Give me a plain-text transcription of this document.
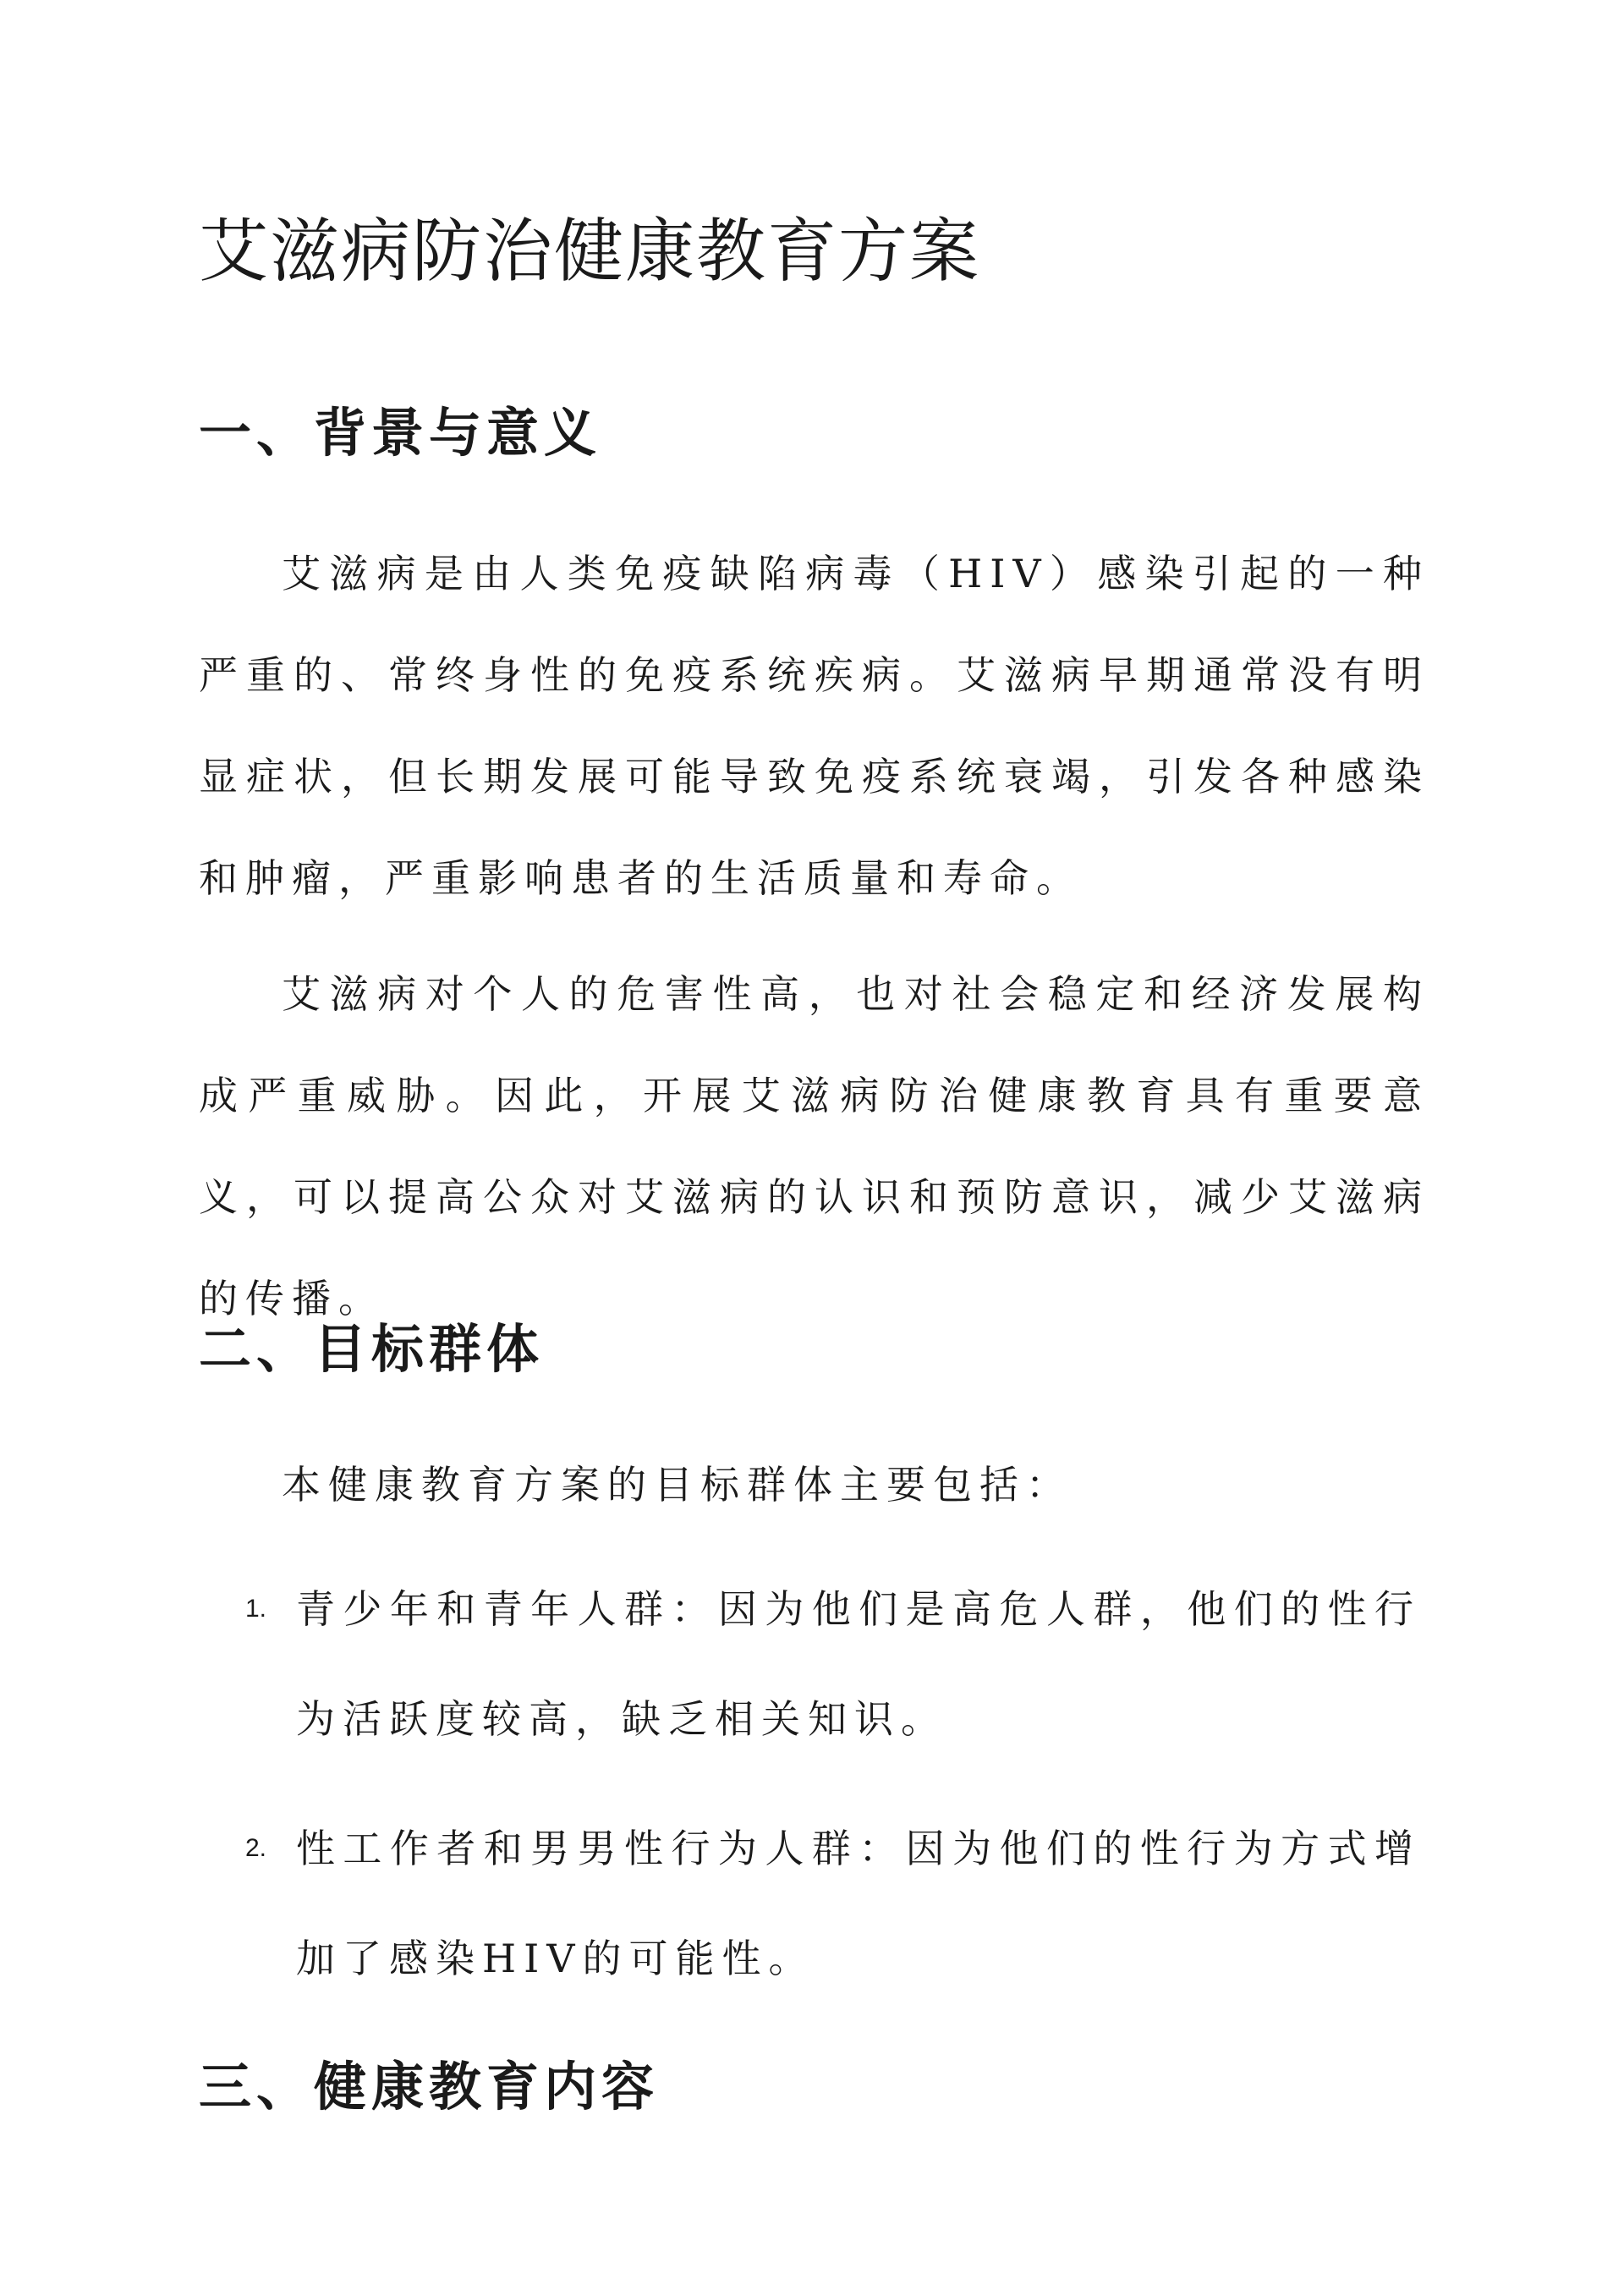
艾滋病防治健康教育方案
一、背景与意义

艾滋病是由人类免疫缺陷病毒（HIV）感染引起的一种严重的、常终身性的免疫系统疾病。艾滋病早期通常没有明显症状，但长期发展可能导致免疫系统衰竭，引发各种感染和肿瘤，严重影响患者的生活质量和寿命。

艾滋病对个人的危害性高，也对社会稳定和经济发展构成严重威胁。因此，开展艾滋病防治健康教育具有重要意义，可以提高公众对艾滋病的认识和预防意识，减少艾滋病的传播。

二、目标群体

本健康教育方案的目标群体主要包括：

1. 青少年和青年人群：因为他们是高危人群，他们的性行为活跃度较高，缺乏相关知识。
2. 性工作者和男男性行为人群：因为他们的性行为方式增加了感染HIV的可能性。
三、健康教育内容
